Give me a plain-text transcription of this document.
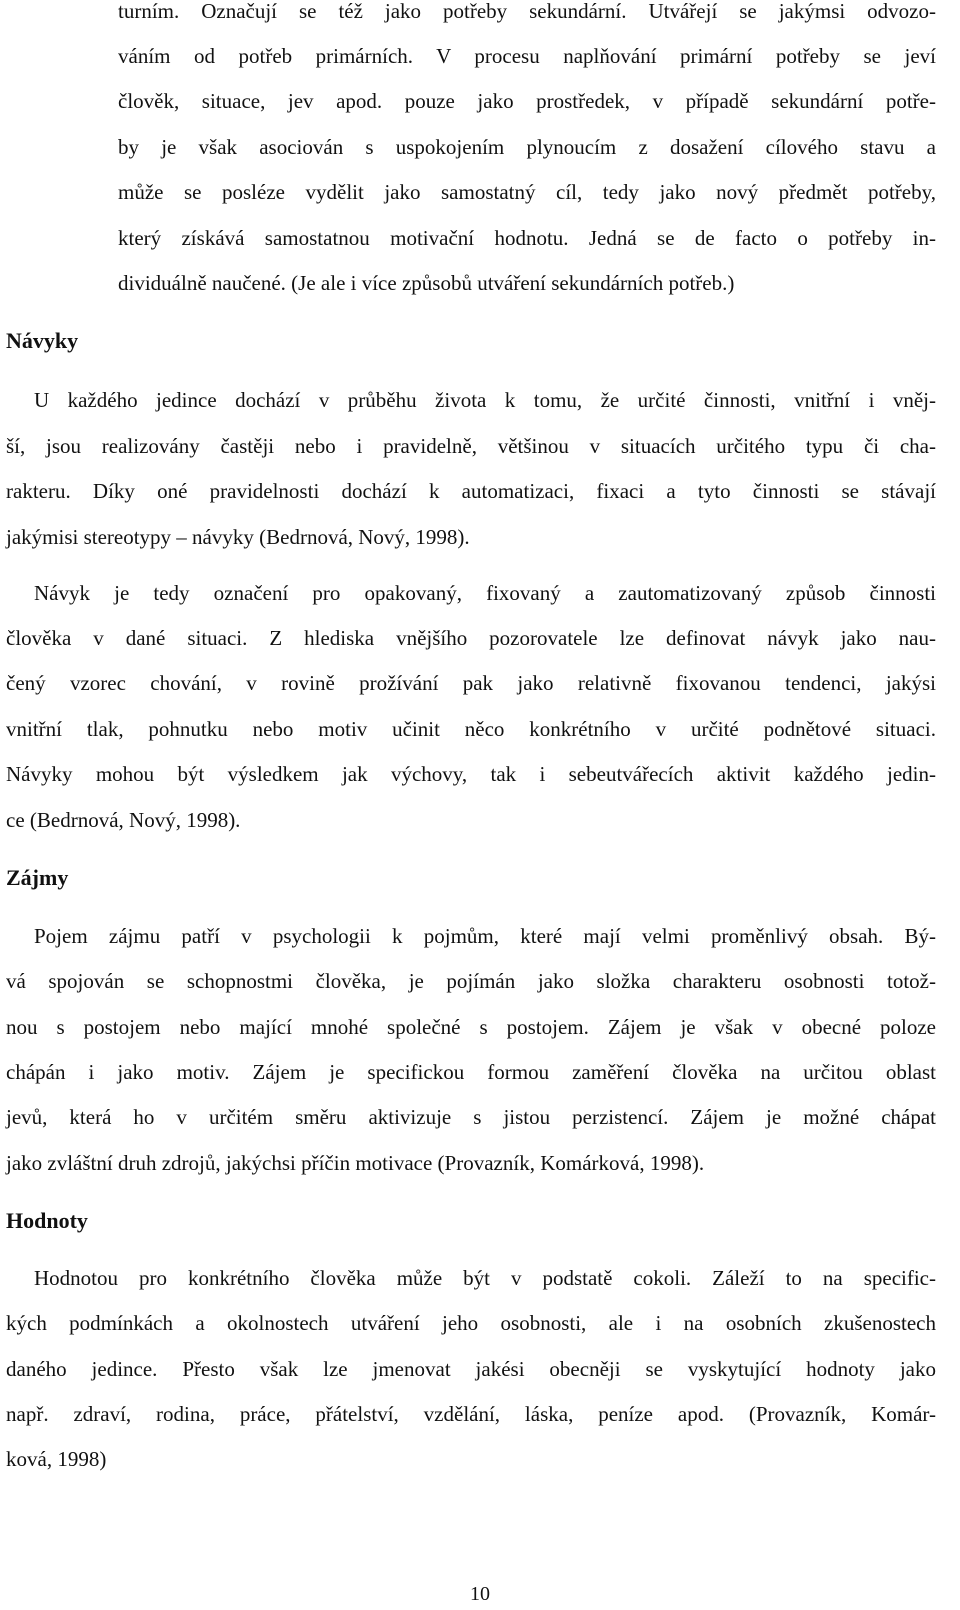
turním. Označují se též jako potřeby sekundární. Utvářejí se jakýmsi odvozo-
váním od potřeb primárních. V procesu naplňování primární potřeby se jeví
člověk, situace, jev apod. pouze jako prostředek, v případě sekundární potře-
by je však asociován s uspokojením plynoucím z dosažení cílového stavu a
může se posléze vydělit jako samostatný cíl, tedy jako nový předmět potřeby,
který získává samostatnou motivační hodnotu. Jedná se de facto o potřeby in-
dividuálně naučené. (Je ale i více způsobů utváření sekundárních potřeb.)
Návyky
U každého jedince dochází v průběhu života k tomu, že určité činnosti, vnitřní i vněj-
ší, jsou realizovány častěji nebo i pravidelně, většinou v situacích určitého typu či cha-
rakteru. Díky oné pravidelnosti dochází k automatizaci, fixaci a tyto činnosti se stávají
jakýmisi stereotypy – návyky (Bedrnová, Nový, 1998).
Návyk je tedy označení pro opakovaný, fixovaný a zautomatizovaný způsob činnosti
člověka v dané situaci. Z hlediska vnějšího pozorovatele lze definovat návyk jako nau-
čený vzorec chování, v rovině prožívání pak jako relativně fixovanou tendenci, jakýsi
vnitřní tlak, pohnutku nebo motiv učinit něco konkrétního v určité podnětové situaci.
Návyky mohou být výsledkem jak výchovy, tak i sebeutvářecích aktivit každého jedin-
ce (Bedrnová, Nový, 1998).
Zájmy
Pojem zájmu patří v psychologii k pojmům, které mají velmi proměnlivý obsah. Bý-
vá spojován se schopnostmi člověka, je pojímán jako složka charakteru osobnosti totož-
nou s postojem nebo mající mnohé společné s postojem. Zájem je však v obecné poloze
chápán i jako motiv. Zájem je specifickou formou zaměření člověka na určitou oblast
jevů, která ho v určitém směru aktivizuje s jistou perzistencí. Zájem je možné chápat
jako zvláštní druh zdrojů, jakýchsi příčin motivace (Provazník, Komárková, 1998).
Hodnoty
Hodnotou pro konkrétního člověka může být v podstatě cokoli. Záleží to na specific-
kých podmínkách a okolnostech utváření jeho osobnosti, ale i na osobních zkušenostech
daného jedince. Přesto však lze jmenovat jakési obecněji se vyskytující hodnoty jako
např. zdraví, rodina, práce, přátelství, vzdělání, láska, peníze apod. (Provazník, Komár-
ková, 1998)
10
